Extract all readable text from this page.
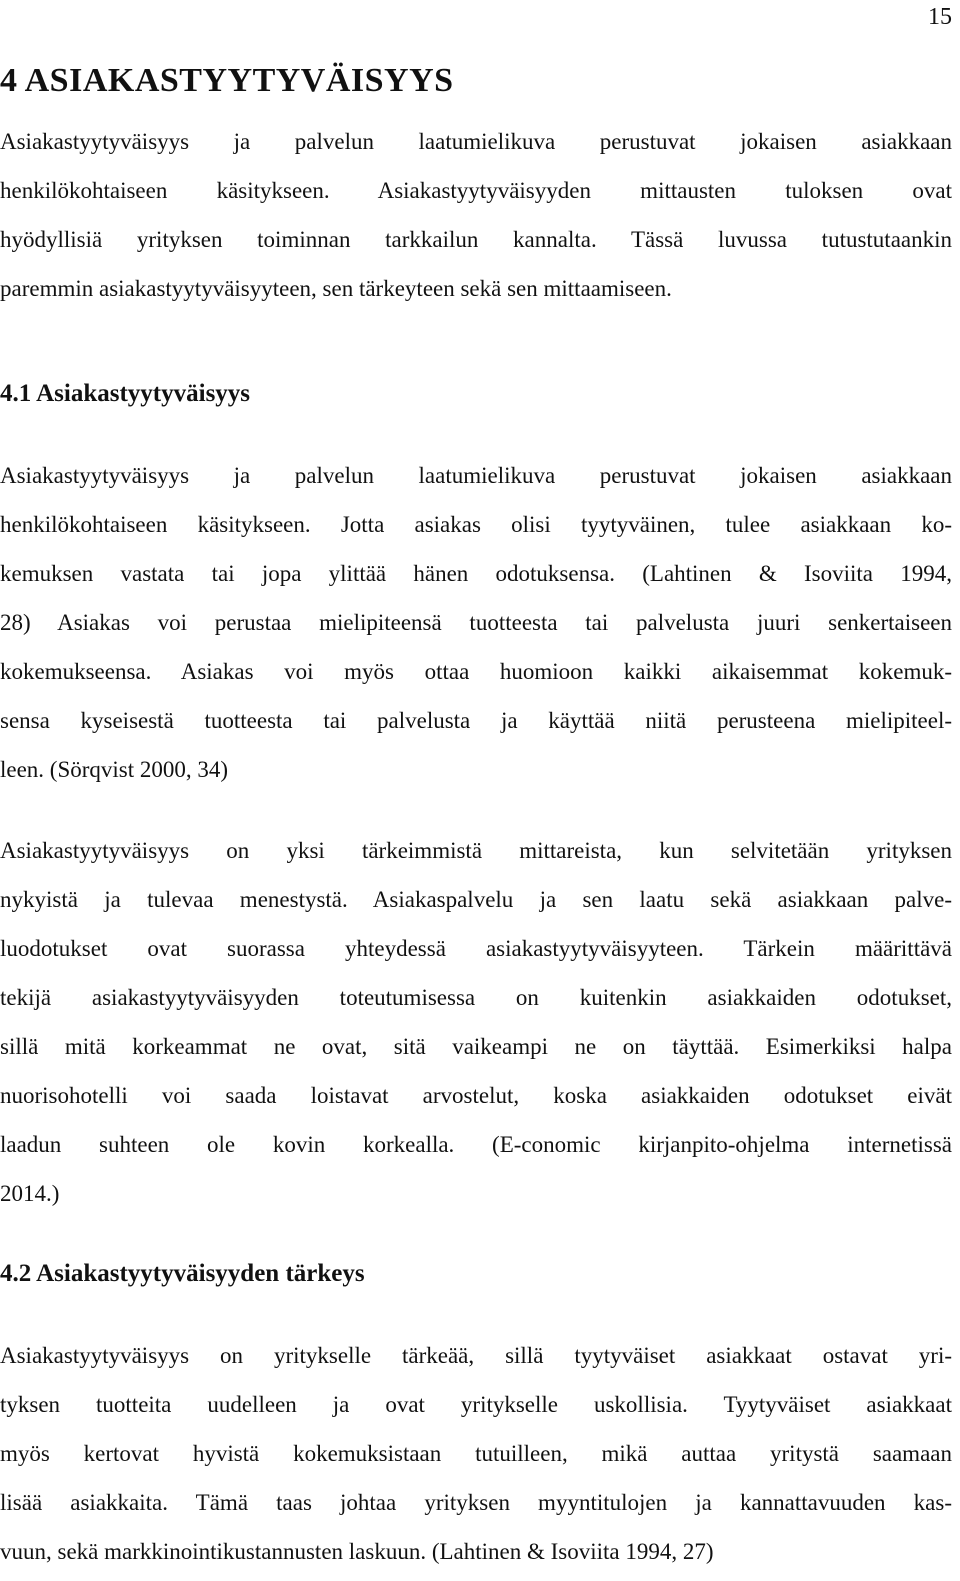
15
4 ASIAKASTYYTYVÄISYYS
Asiakastyytyväisyys ja palvelun laatumielikuva perustuvat jokaisen asiakkaan
henkilökohtaiseen käsitykseen. Asiakastyytyväisyyden mittausten tuloksen ovat
hyödyllisiä yrityksen toiminnan tarkkailun kannalta. Tässä luvussa tutustutaankin
paremmin asiakastyytyväisyyteen, sen tärkeyteen sekä sen mittaamiseen.
4.1 Asiakastyytyväisyys
Asiakastyytyväisyys ja palvelun laatumielikuva perustuvat jokaisen asiakkaan
henkilökohtaiseen käsitykseen. Jotta asiakas olisi tyytyväinen, tulee asiakkaan ko-
kemuksen vastata tai jopa ylittää hänen odotuksensa. (Lahtinen & Isoviita 1994,
28) Asiakas voi perustaa mielipiteensä tuotteesta tai palvelusta juuri senkertaiseen
kokemukseensa. Asiakas voi myös ottaa huomioon kaikki aikaisemmat kokemuk-
sensa kyseisestä tuotteesta tai palvelusta ja käyttää niitä perusteena mielipiteel-
leen. (Sörqvist 2000, 34)
Asiakastyytyväisyys on yksi tärkeimmistä mittareista, kun selvitetään yrityksen
nykyistä ja tulevaa menestystä. Asiakaspalvelu ja sen laatu sekä asiakkaan palve-
luodotukset ovat suorassa yhteydessä asiakastyytyväisyyteen. Tärkein määrittävä
tekijä asiakastyytyväisyyden toteutumisessa on kuitenkin asiakkaiden odotukset,
sillä mitä korkeammat ne ovat, sitä vaikeampi ne on täyttää. Esimerkiksi halpa
nuorisohotelli voi saada loistavat arvostelut, koska asiakkaiden odotukset eivät
laadun suhteen ole kovin korkealla. (E-conomic kirjanpito-ohjelma internetissä
2014.)
4.2 Asiakastyytyväisyyden tärkeys
Asiakastyytyväisyys on yritykselle tärkeää, sillä tyytyväiset asiakkaat ostavat yri-
tyksen tuotteita uudelleen ja ovat yritykselle uskollisia. Tyytyväiset asiakkaat
myös kertovat hyvistä kokemuksistaan tutuilleen, mikä auttaa yritystä saamaan
lisää asiakkaita. Tämä taas johtaa yrityksen myyntitulojen ja kannattavuuden kas-
vuun, sekä markkinointikustannusten laskuun. (Lahtinen & Isoviita 1994, 27)
